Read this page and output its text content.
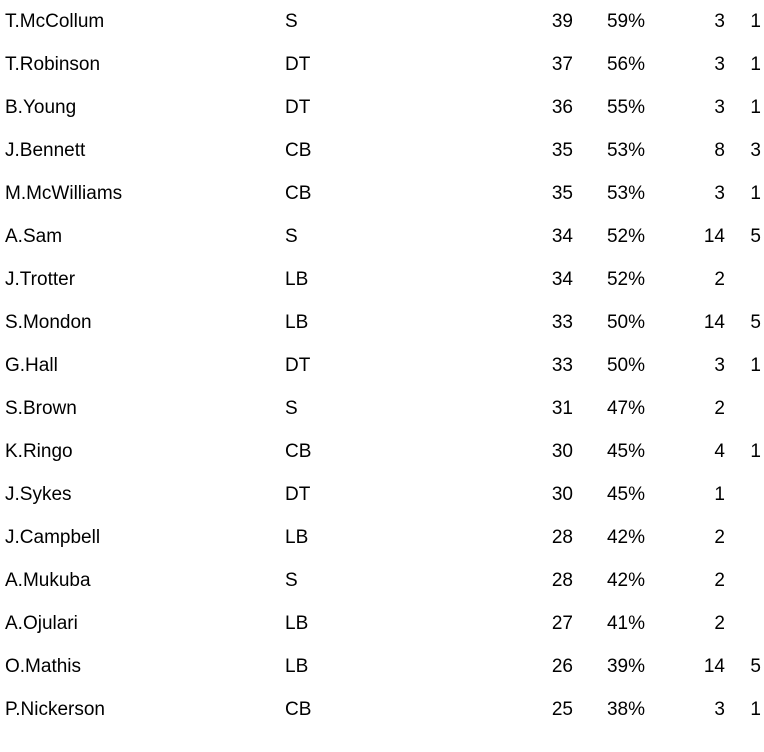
T.McCollum	S	39	59%	3	1
T.Robinson	DT	37	56%	3	1
B.Young	DT	36	55%	3	1
J.Bennett	CB	35	53%	8	3
M.McWilliams	CB	35	53%	3	1
A.Sam	S	34	52%	14	5
J.Trotter	LB	34	52%	2	
S.Mondon	LB	33	50%	14	5
G.Hall	DT	33	50%	3	1
S.Brown	S	31	47%	2	
K.Ringo	CB	30	45%	4	1
J.Sykes	DT	30	45%	1	
J.Campbell	LB	28	42%	2	
A.Mukuba	S	28	42%	2	
A.Ojulari	LB	27	41%	2	
O.Mathis	LB	26	39%	14	5
P.Nickerson	CB	25	38%	3	1
